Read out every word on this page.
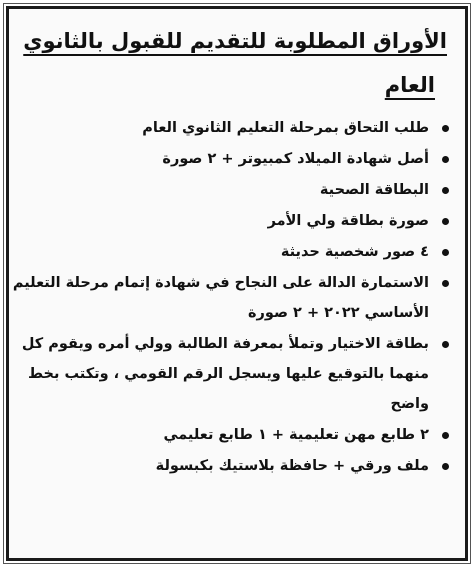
الأوراق المطلوبة للتقديم للقبول بالثانوي
العام
طلب التحاق بمرحلة التعليم الثانوي العام
أصل شهادة الميلاد كمبيوتر + ٢ صورة
البطاقة الصحية
صورة بطاقة ولي الأمر
٤ صور شخصية حديثة
الاستمارة الدالة على النجاح في شهادة إتمام مرحلة التعليم
الأساسي ٢٠٢٢ + ٢ صورة
بطاقة الاختيار وتملأ بمعرفة الطالبة وولي أمره ويقوم كل
منهما بالتوقيع عليها ويسجل الرقم القومي ، وتكتب بخط
واضح
٢ طابع مهن تعليمية + ١ طابع تعليمي
ملف ورقي + حافظة بلاستيك بكبسولة
